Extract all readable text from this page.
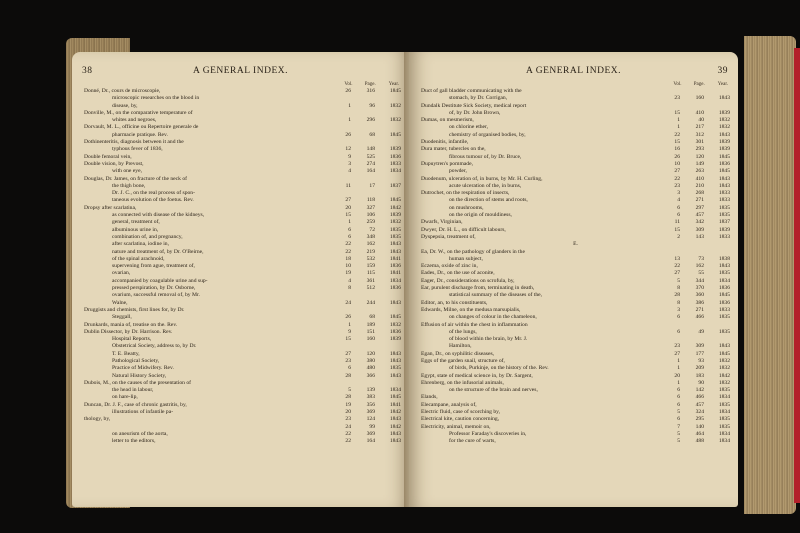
38	A GENERAL INDEX.
Vol. Page.	Year.
Donné, Dr., cours de microscopie,	26	316	1845
microscopic researches on the blood in
disease, by,	1	96	1832
Donville, M., on the comparative temperature of
whites and negroes,	1	296	1832
Dorvault, M. L., officine ou Repertoire generale de
pharmacie pratique. Rev.	26	68	1845
Dothinenteritis, diagnosis between it and the
typhous fever of 1836,	12	148	1839
Double femoral vein,	9	525	1836
Double vision, by Prevost,	3	274	1833
with one eye,	4	164	1834
Douglas, Dr. James, on fracture of the neck of
the thigh bone,	11	17	1837
Dr. J. C., on the real process of spon-
taneous evolution of the foetus. Rev.	27	118	1845
Dropsy after scarlatina,	20	327	1842
as connected with disease of the kidneys,	15	106	1839
general, treatment of,	1	259	1832
albuminous urine in,	6	72	1835
combination of, and pregnancy,	6	348	1835
after scarlatina, iodine in,	22	162	1843
nature and treatment of, by Dr. O'Beirne,	22	219	1843
of the spinal arachnoid,	18	532	1841
supervening from ague, treatment of,	10	159	1836
ovarian,	19	115	1841
accompanied by coagulable urine and sup-	4	361	1834
pressed perspiration, by Dr. Osborne,	8	512	1836
ovarium, successful removal of, by Mr.
Walne,	24	244	1843
Druggists and chemists, first lines for, by Dr.
Steggall,	26	68	1845
Drunkards, mania of, treatise on the. Rev.	1	189	1832
Dublin Dissector, by Dr. Harrison. Rev.	9	151	1836
Hospital Reports,	15	160	1839
Obstetrical Society, address to, by Dr.
T. E. Beatty,	27	120	1843
Pathological Society,	23	380	1843
Practice of Midwifery. Rev.	6	480	1835
Natural History Society,	28	366	1843
Dubois, M., on the causes of the presentation of
the head in labour,	5	139	1834
on hare-lip,	28	383	1845
Duncan, Dr. J. F., case of chronic gastritis, by,	19	356	1841
illustrations of infantile pa-	20	369	1842
thology, by,	23	124	1843
24	99	1842
on aneurism of the aorta,	22	369	1843
letter to the editors,	22	164	1843
A GENERAL INDEX.	39
Vol. Page.	Year.
Duct of gall bladder communicating with the
stomach, by Dr. Corrigan,	23	160	1843
Dundalk Destitute Sick Society, medical report
of, by Dr. John Brown,	15	410	1839
Dumas, on mesmerism,	1	40	1832
on chlorine ether,	1	217	1832
chemistry of organised bodies, by,	22	312	1843
Duodenitis, infantile,	15	301	1839
Dura mater, tubercles on the,	16	293	1839
fibrous tumour of, by Dr. Bruce,	26	120	1845
Dupuytren's pommade,	10	149	1836
powder,	27	263	1845
Duodenum, ulceration of, in burns, by Mr. H. Curling,	22	410	1843
acute ulceration of the, in burns,	23	210	1843
Dutrochet, on the respiration of insects,	3	268	1833
on the direction of stems and roots,	4	271	1833
on mushrooms,	6	297	1835
on the origin of mouldiness,	6	457	1835
Dwarfs, Virginian,	11	342	1837
Dwyer, Dr. H. L., on difficult labours,	15	309	1839
Dyspepsia, treatment of,	2	143	1833
E.
Ea, Dr. W., on the pathology of glanders in the
human subject,	13	73	1838
Eczema, oxide of zinc in,	22	162	1843
Eades, Dr., on the use of aconite,	27	55	1835
Eager, Dr., considerations on scrofula, by,	5	344	1834
Ear, purulent discharge from, terminating in death,	8	370	1836
statistical summary of the diseases of the,	28	360	1845
Editor, an, to his constituents,	8	386	1836
Edwards, Milne, on the medusa marsupialis,	3	271	1833
on changes of colour in the chameleon,	6	466	1835
Effusion of air within the chest in inflammation
of the lungs,	6	49	1835
of blood within the brain, by Mr. J.
Hamilton,	23	309	1843
Egan, Dr., on syphilitic diseases,	27	177	1845
Eggs of the garden snail, structure of,	1	93	1832
of birds, Purkinje, on the history of the. Rev.	1	209	1832
Egypt, state of medical science in, by Dr. Sargent,	20	183	1842
Ehrenberg, on the infusorial animals,	1	90	1832
on the structure of the brain and nerves,	6	142	1835
Elands,	6	466	1834
Elecampane, analysis of,	6	457	1835
Electric fluid, case of scorching by,	5	324	1834
Electrical kite, caution concerning,	6	295	1835
Electricity, animal, memoir on,	7	140	1835
Professor Faraday's discoveries in,	5	464	1834
for the cure of warts,	5	488	1834
